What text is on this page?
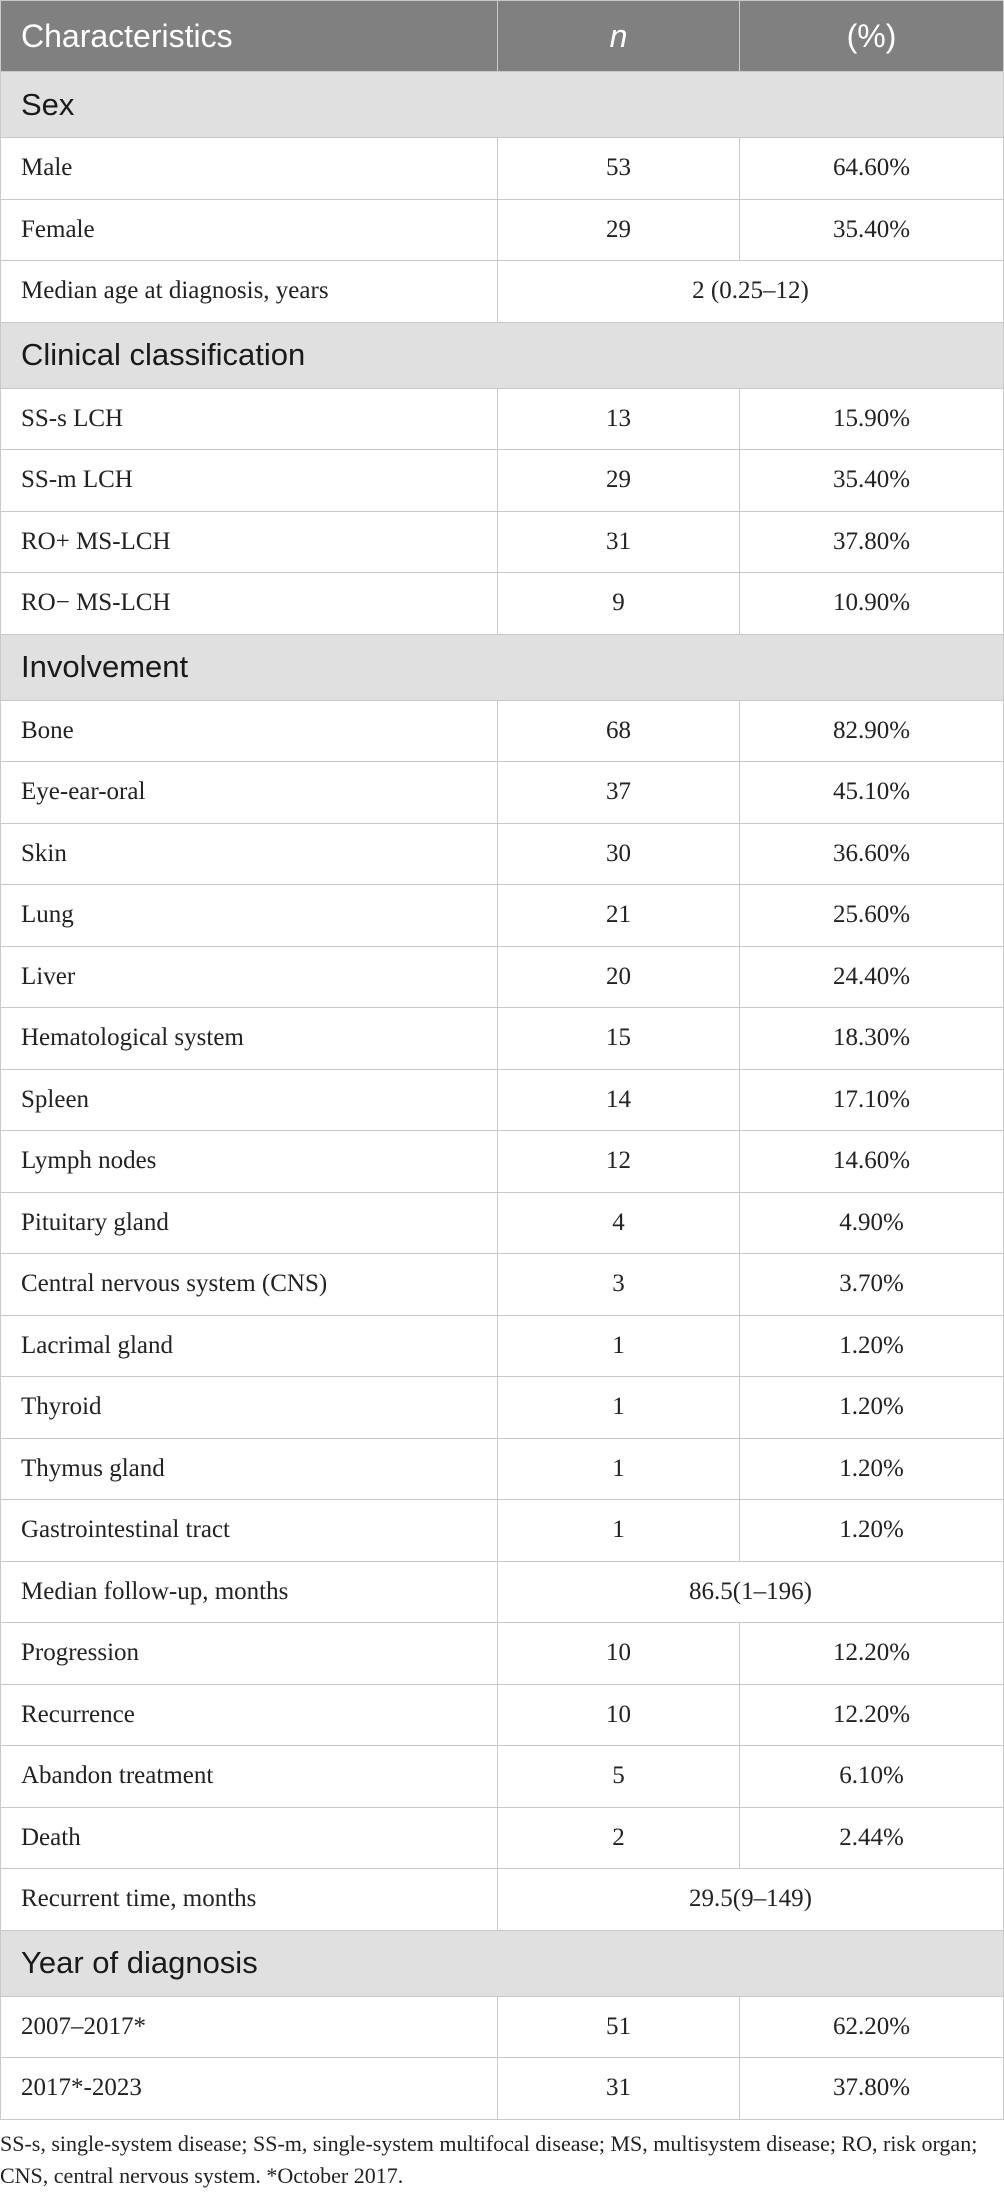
Characteristics	n	(%)
Sex		
Male	53	64.60%
Female	29	35.40%
Median age at diagnosis, years	2 (0.25–12)	
Clinical classification		
SS-s LCH	13	15.90%
SS-m LCH	29	35.40%
RO+ MS-LCH	31	37.80%
RO− MS-LCH	9	10.90%
Involvement		
Bone	68	82.90%
Eye-ear-oral	37	45.10%
Skin	30	36.60%
Lung	21	25.60%
Liver	20	24.40%
Hematological system	15	18.30%
Spleen	14	17.10%
Lymph nodes	12	14.60%
Pituitary gland	4	4.90%
Central nervous system (CNS)	3	3.70%
Lacrimal gland	1	1.20%
Thyroid	1	1.20%
Thymus gland	1	1.20%
Gastrointestinal tract	1	1.20%
Median follow-up, months	86.5(1–196)	
Progression	10	12.20%
Recurrence	10	12.20%
Abandon treatment	5	6.10%
Death	2	2.44%
Recurrent time, months	29.5(9–149)	
Year of diagnosis		
2007–2017*	51	62.20%
2017*-2023	31	37.80%

SS-s, single-system disease; SS-m, single-system multifocal disease; MS, multisystem disease; RO, risk organ; CNS, central nervous system. *October 2017.
